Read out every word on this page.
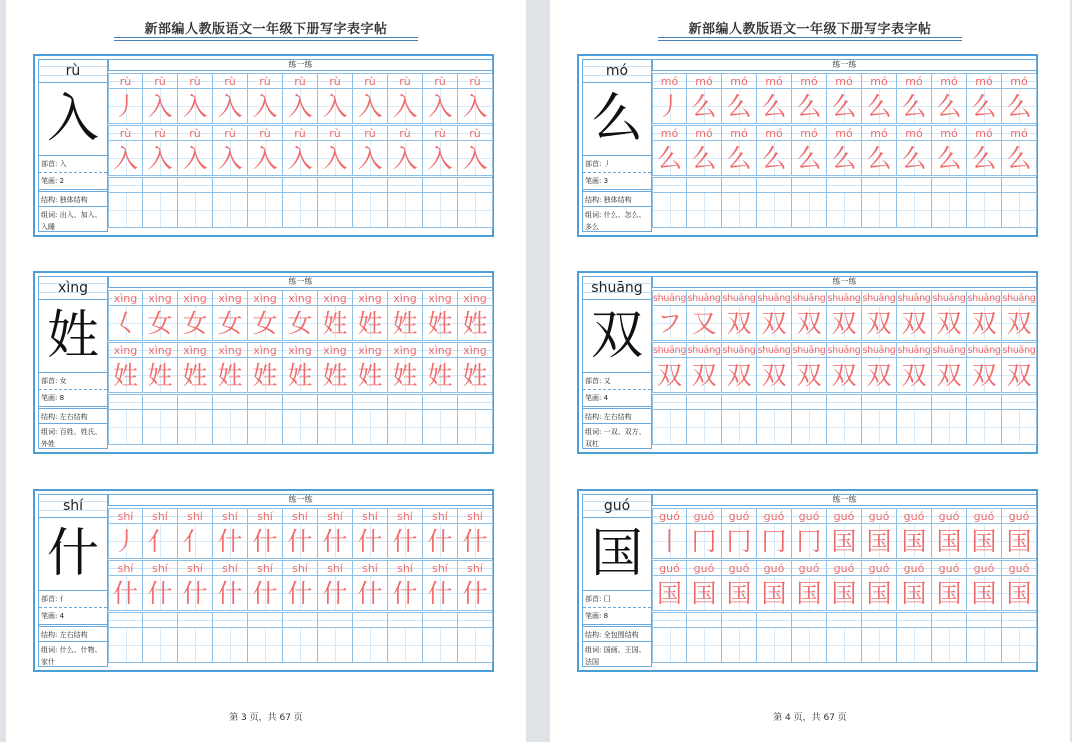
新部编人教版语文一年级下册写字表字帖
rù
入
部首: 入
笔画: 2
结构: 独体结构
组词: 出入、加入、入睡
练一练
rù	rù	rù	rù	rù	rù	rù	rù	rù	rù	rù
丿 入 入 入 入 入 入 入 入 入 入
rù	rù	rù	rù	rù	rù	rù	rù	rù	rù	rù
入 入 入 入 入 入 入 入 入 入 入
xìng
姓
部首: 女
笔画: 8
结构: 左右结构
组词: 百姓、姓氏、外姓
练一练
xìng xìng	xìng	xìng	xìng	xìng	xìng	xìng	xìng	xìng	xìng
𡿨 女 女 女 女 女 姓 姓 姓 姓 姓
xìng xìng	xìng	xìng	xìng	xìng	xìng	xìng	xìng	xìng	xìng
姓 姓 姓 姓 姓 姓 姓 姓 姓 姓 姓
shí
什
部首: 亻
笔画: 4
结构: 左右结构
组词: 什么、什物、家什
练一练
shí	shí	shí	shí	shí	shí	shí	shí	shí	shí	shí
丿 亻 亻 什 什 什 什 什 什 什 什
shí	shí	shí	shí	shí	shí	shí	shí	shí	shí	shí
什 什 什 什 什 什 什 什 什 什 什
第 3 页，共 67 页
新部编人教版语文一年级下册写字表字帖
mó
么
部首: 丿
笔画: 3
结构: 独体结构
组词: 什么、怎么、多么
练一练
mó	mó	mó	mó	mó	mó	mó	mó	mó	mó	mó
丿 么 么 么 么 么 么 么 么 么 么
mó	mó	mó	mó	mó	mó	mó	mó	mó	mó	mó
么 么 么 么 么 么 么 么 么 么 么
shuāng
双
部首: 又
笔画: 4
结构: 左右结构
组词: 一双、双方、双杠
练一练
shuāng shuāng shuāng shuāng shuāng shuāng shuāng shuāng shuāng shuāng shuāng
フ 又 双 双 双 双 双 双 双 双 双
shuāng shuāng shuāng shuāng shuāng shuāng shuāng shuāng shuāng shuāng shuāng
双 双 双 双 双 双 双 双 双 双 双
guó
国
部首: 囗
笔画: 8
结构: 全包围结构
组词: 国画、王国、法国
练一练
guó	guó	guó	guó	guó	guó	guó	guó	guó	guó	guó
丨 冂 冂 冂 冂 国 国 国 国 国 国
guó	guó	guó	guó	guó	guó	guó	guó	guó	guó	guó
国 国 国 国 国 国 国 国 国 国 国
第 4 页，共 67 页
